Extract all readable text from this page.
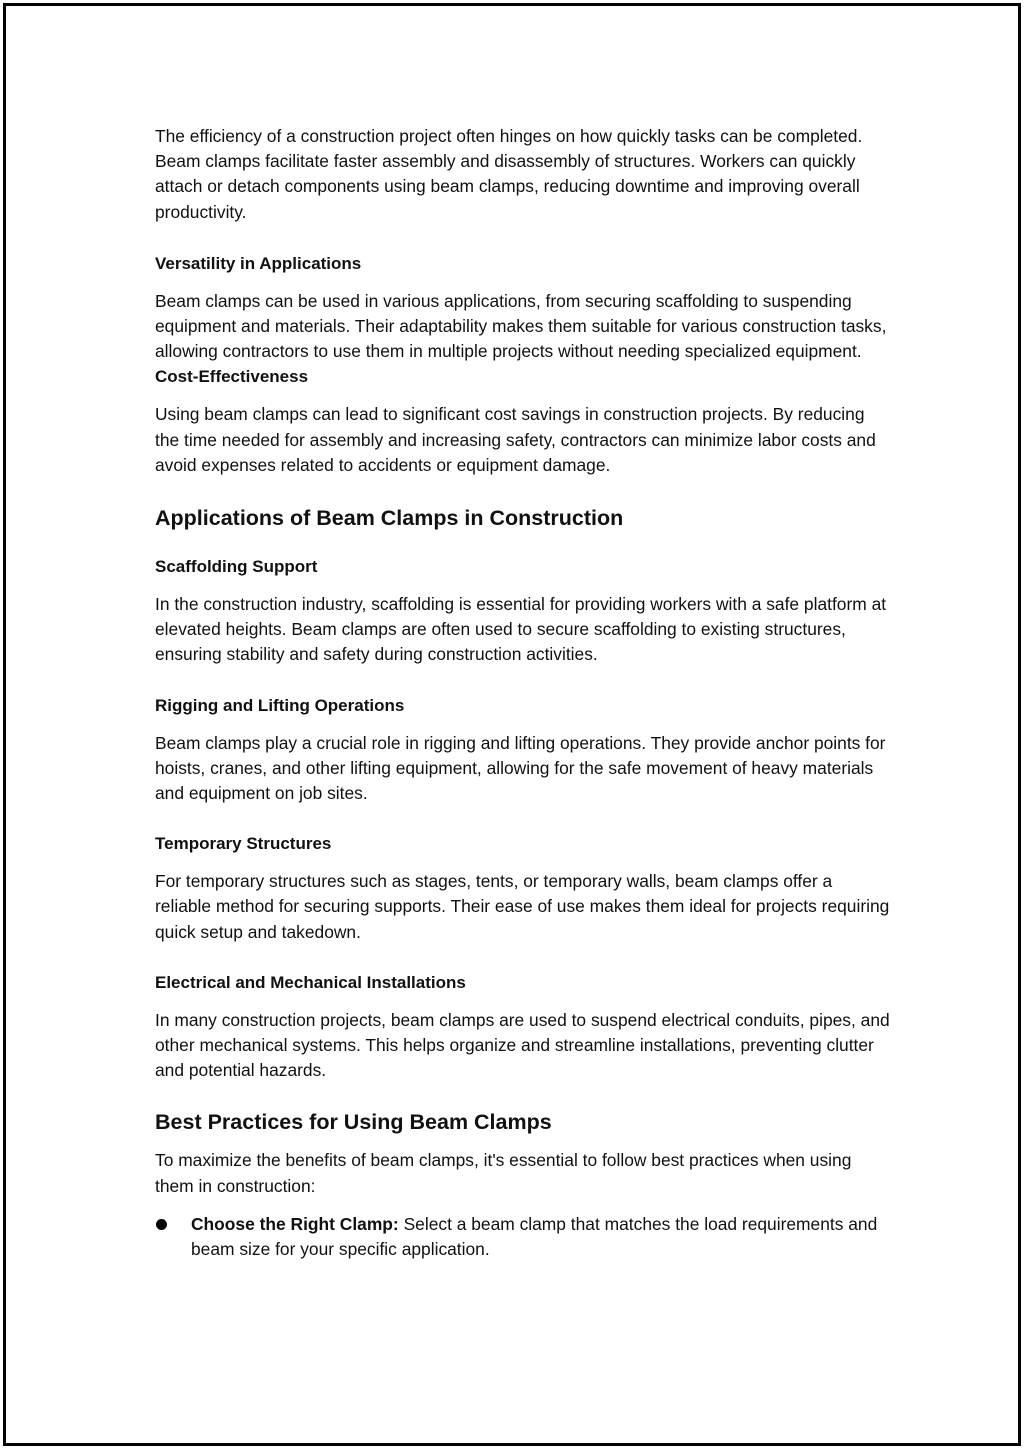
The efficiency of a construction project often hinges on how quickly tasks can be completed. Beam clamps facilitate faster assembly and disassembly of structures. Workers can quickly attach or detach components using beam clamps, reducing downtime and improving overall productivity.

Versatility in Applications

Beam clamps can be used in various applications, from securing scaffolding to suspending equipment and materials. Their adaptability makes them suitable for various construction tasks, allowing contractors to use them in multiple projects without needing specialized equipment.

Cost-Effectiveness

Using beam clamps can lead to significant cost savings in construction projects. By reducing the time needed for assembly and increasing safety, contractors can minimize labor costs and avoid expenses related to accidents or equipment damage.

Applications of Beam Clamps in Construction
Scaffolding Support

In the construction industry, scaffolding is essential for providing workers with a safe platform at elevated heights. Beam clamps are often used to secure scaffolding to existing structures, ensuring stability and safety during construction activities.

Rigging and Lifting Operations

Beam clamps play a crucial role in rigging and lifting operations. They provide anchor points for hoists, cranes, and other lifting equipment, allowing for the safe movement of heavy materials and equipment on job sites.

Temporary Structures

For temporary structures such as stages, tents, or temporary walls, beam clamps offer a reliable method for securing supports. Their ease of use makes them ideal for projects requiring quick setup and takedown.

Electrical and Mechanical Installations

In many construction projects, beam clamps are used to suspend electrical conduits, pipes, and other mechanical systems. This helps organize and streamline installations, preventing clutter and potential hazards.

Best Practices for Using Beam Clamps

To maximize the benefits of beam clamps, it's essential to follow best practices when using them in construction:

Choose the Right Clamp: Select a beam clamp that matches the load requirements and beam size for your specific application.
